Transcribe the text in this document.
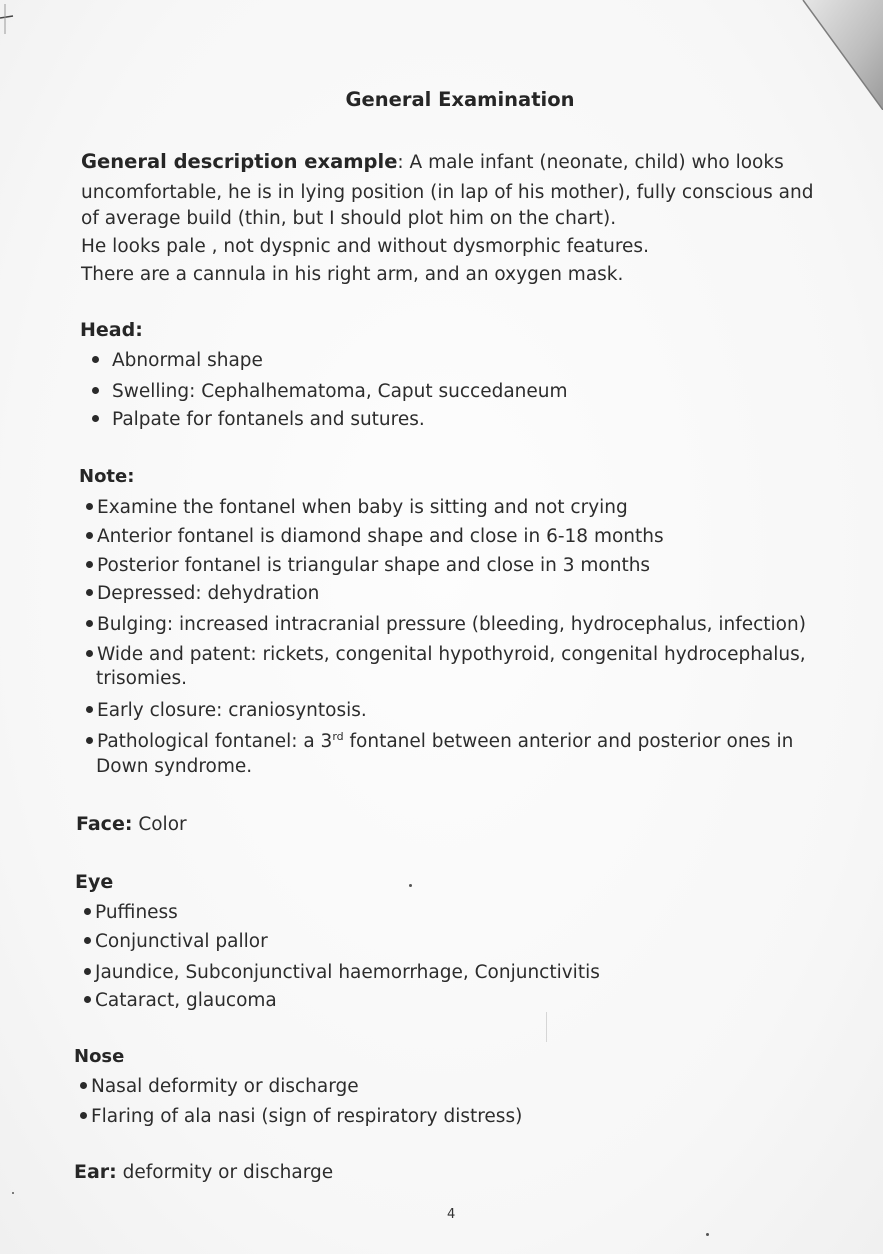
General Examination
General description example: A male infant (neonate, child) who looks
uncomfortable, he is in lying position (in lap of his mother), fully conscious and
of average build (thin, but I should plot him on the chart).
He looks pale , not dyspnic and without dysmorphic features.
There are a cannula in his right arm, and an oxygen mask.
Head:
Abnormal shape
Swelling: Cephalhematoma, Caput succedaneum
Palpate for fontanels and sutures.
Note:
Examine the fontanel when baby is sitting and not crying
Anterior fontanel is diamond shape and close in 6-18 months
Posterior fontanel is triangular shape and close in 3 months
Depressed: dehydration
Bulging: increased intracranial pressure (bleeding, hydrocephalus, infection)
Wide and patent: rickets, congenital hypothyroid, congenital hydrocephalus,
trisomies.
Early closure: craniosyntosis.
Pathological fontanel: a 3rd fontanel between anterior and posterior ones in
Down syndrome.
Face: Color
Eye
Puffiness
Conjunctival pallor
Jaundice, Subconjunctival haemorrhage, Conjunctivitis
Cataract, glaucoma
Nose
Nasal deformity or discharge
Flaring of ala nasi (sign of respiratory distress)
Ear: deformity or discharge
4
